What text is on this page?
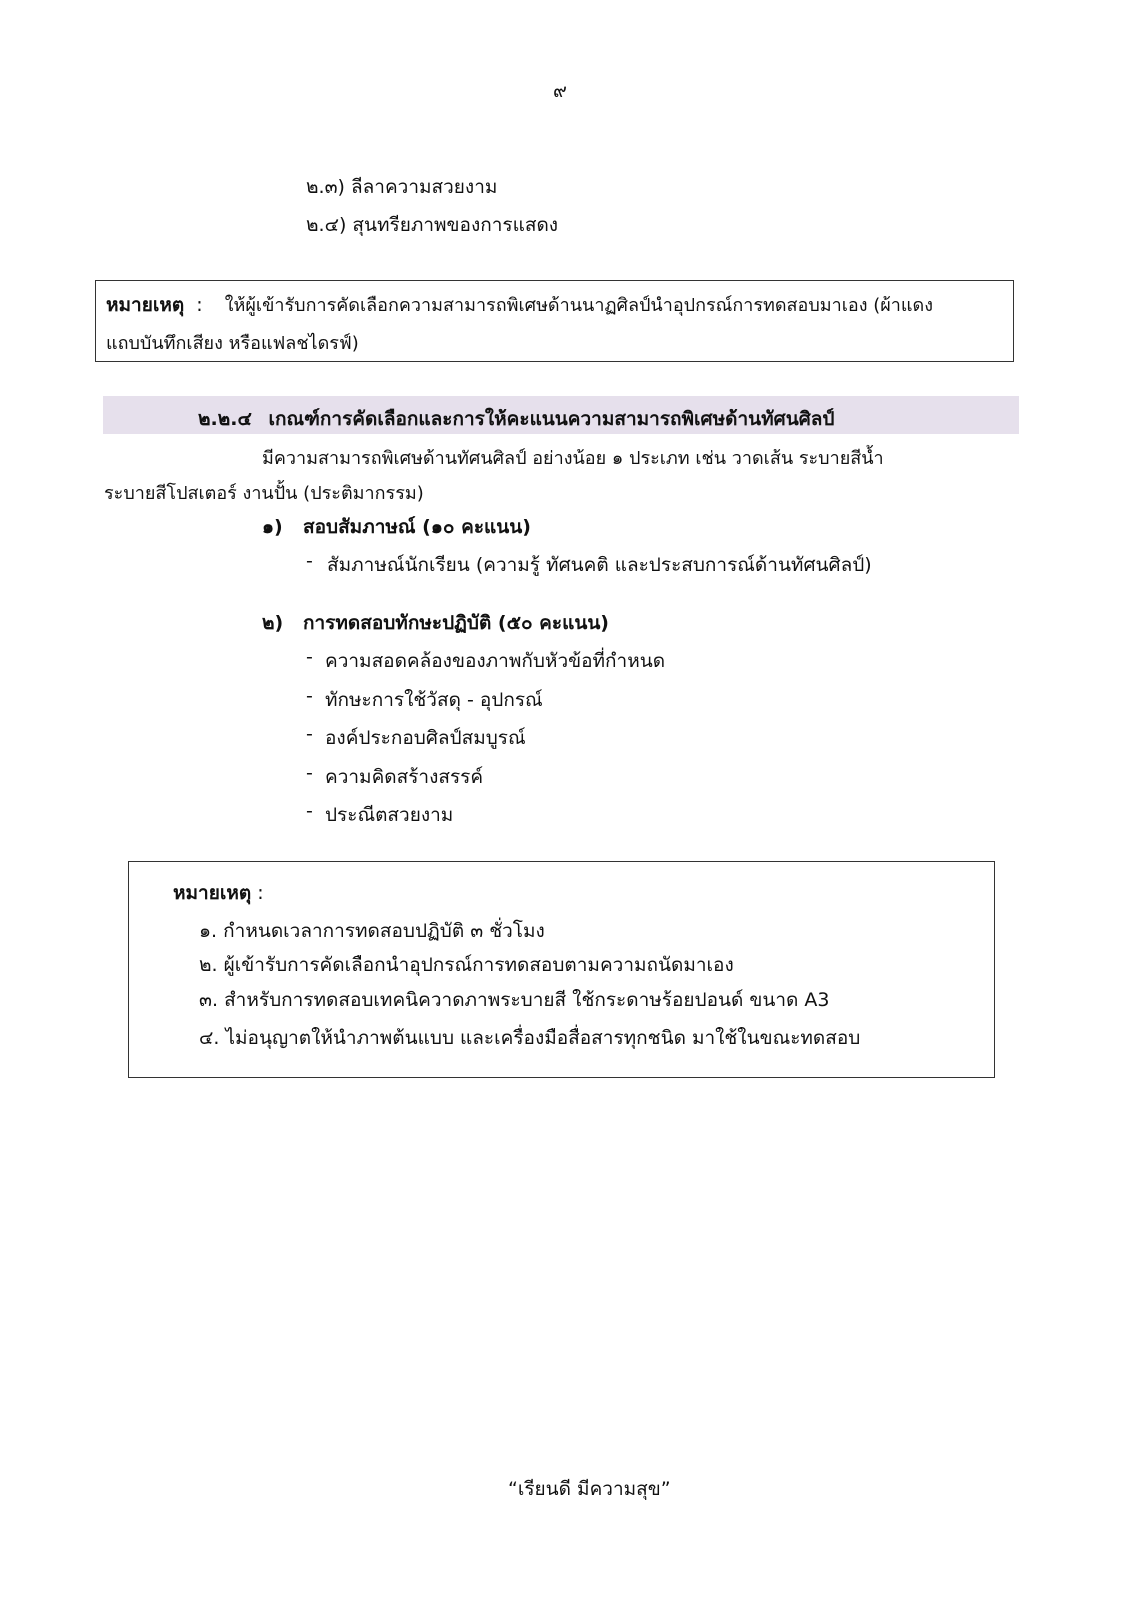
๙
๒.๓) ลีลาความสวยงาม
๒.๔) สุนทรียภาพของการแสดง
หมายเหตุ : ให้ผู้เข้ารับการคัดเลือกความสามารถพิเศษด้านนาฏศิลป์นำอุปกรณ์การทดสอบมาเอง (ผ้าแดง
แถบบันทึกเสียง หรือแฟลชไดรฟ์)
๒.๒.๔ เกณฑ์การคัดเลือกและการให้คะแนนความสามารถพิเศษด้านทัศนศิลป์
มีความสามารถพิเศษด้านทัศนศิลป์ อย่างน้อย ๑ ประเภท เช่น วาดเส้น ระบายสีน้ำ
ระบายสีโปสเตอร์ งานปั้น (ประติมากรรม)
๑) สอบสัมภาษณ์ (๑๐ คะแนน)
- สัมภาษณ์นักเรียน (ความรู้ ทัศนคติ และประสบการณ์ด้านทัศนศิลป์)
๒) การทดสอบทักษะปฏิบัติ (๕๐ คะแนน)
- ความสอดคล้องของภาพกับหัวข้อที่กำหนด
- ทักษะการใช้วัสดุ - อุปกรณ์
- องค์ประกอบศิลป์สมบูรณ์
- ความคิดสร้างสรรค์
- ประณีตสวยงาม
หมายเหตุ :
๑. กำหนดเวลาการทดสอบปฏิบัติ ๓ ชั่วโมง
๒. ผู้เข้ารับการคัดเลือกนำอุปกรณ์การทดสอบตามความถนัดมาเอง
๓. สำหรับการทดสอบเทคนิควาดภาพระบายสี ใช้กระดาษร้อยปอนด์ ขนาด A3
๔. ไม่อนุญาตให้นำภาพต้นแบบ และเครื่องมือสื่อสารทุกชนิด มาใช้ในขณะทดสอบ
“เรียนดี มีความสุข”
